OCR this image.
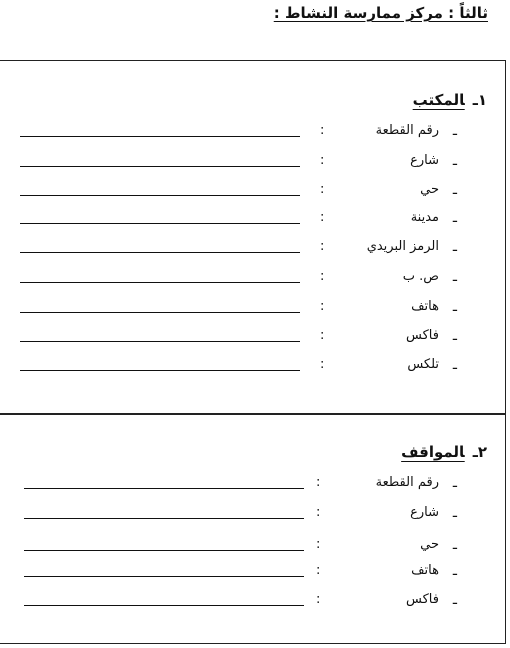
ثالثاً : مركز ممارسة النشاط :
١ـالمكتب
ـ
رقم القطعة
:
ـ
شارع
:
ـ
حي
:
ـ
مدينة
:
ـ
الرمز البريدي
:
ـ
ص. ب
:
ـ
هاتف
:
ـ
فاكس
:
ـ
تلكس
:
٢ـالمواقف
ـ
رقم القطعة
:
ـ
شارع
:
ـ
حي
:
ـ
هاتف
:
ـ
فاكس
:
